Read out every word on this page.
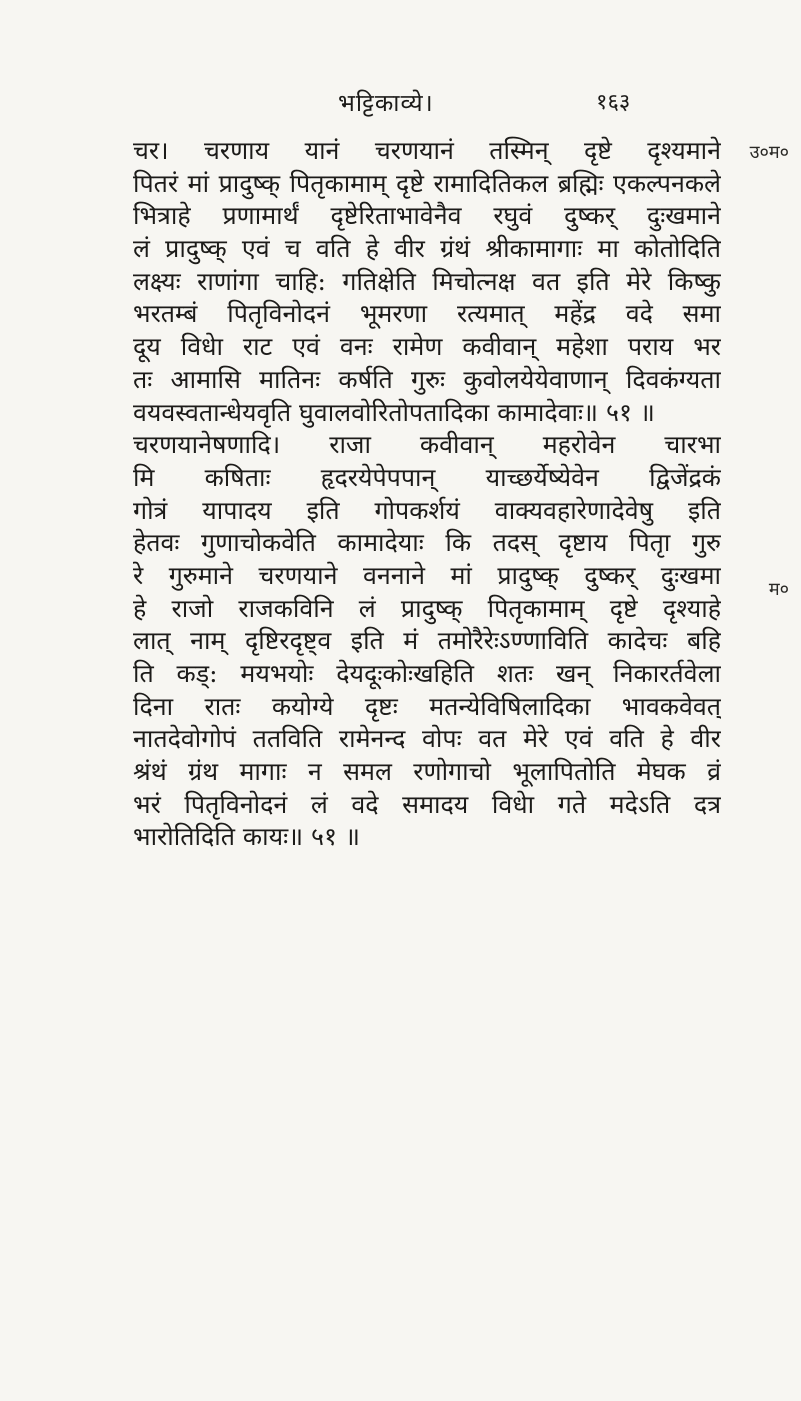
भट्टिकाव्ये।	१६३
उ०म०
म०
चर। चरणाय यानं चरणयानं तस्मिन् दृष्टे दृश्यमाने
पितरं मां प्रादुष्क् पितृकामाम् दृष्टे रामादितिकल ब्रह्मिः एकल्पनकले
भित्राहे प्रणामार्थं दृष्टेरिताभावेनैव रघुवं दुष्कर् दुःखमाने
लं प्रादुष्क् एवं च वति हे वीर ग्रंथं श्रीकामागाः मा कोतोदिति
लक्ष्यः राणांगा चाहि: गतिक्षेति मिचोत्नक्ष वत इति मेरे किष्कु
भरतम्बं पितृविनोदनं भूमरणा रत्यमात् महेंद्र वदे समा
दूय विधेा राट एवं वनः रामेण कवीवान् महेशा पराय भर
तः आमासि मातिनः कर्षति गुरुः कुवोलयेयेवाणान् दिवकंग्यता
वयवस्वतान्धेयवृति घुवालवोरितोपतादिका कामादेवाः॥ ५१ ॥
चरणयानेषणादि। राजा कवीवान् महरोवेन चारभा
मि कषिताः हृदरयेपेपपान् याच्छर्येष्येवेन द्विजेंद्रकं
गोत्रं यापादय इति गोपकर्शयं वाक्यवहारेणादेवेषु इति
हेतवः गुणाचोकवेति कामादेयाः कि तदस् दृष्टाय पितृा गुरु
रे गुरुमाने चरणयाने वननाने मां प्रादुष्क् दुष्कर् दुःखमा
हे राजो राजकविनि लं प्रादुष्क् पितृकामाम् दृष्टे दृश्याहे
लात् नाम् दृष्टिरदृष्ट्व इति मं तमोरैरेःऽण्णाविति कादेचः बहि
ति कड्: मयभयोः देयदूःकोःखहिति शतः खन् निकारर्तवेला
दिना रातः कयोग्ये दृष्टः मतन्येविषिलादिका भावकवेवत्
नातदेवोगोपं ततविति रामेनन्द वोपः वत मेरे एवं वति हे वीर
श्रंथं ग्रंथ मागाः न समल रणोगाचो भूलापितोति मेघक व्रं
भरं पितृविनोदनं लं वदे समादय विधेा गते मदेऽति दत्र
भारोतिदिति कायः॥ ५१ ॥
